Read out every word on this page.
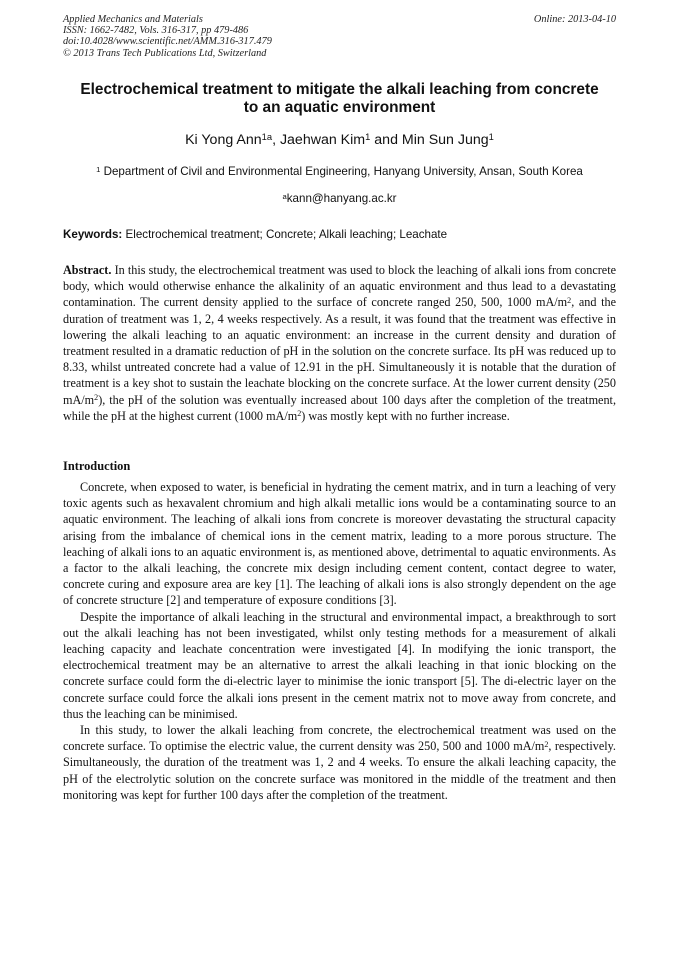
Applied Mechanics and Materials
ISSN: 1662-7482, Vols. 316-317, pp 479-486
doi:10.4028/www.scientific.net/AMM.316-317.479
© 2013 Trans Tech Publications Ltd, Switzerland
Online: 2013-04-10
Electrochemical treatment to mitigate the alkali leaching from concrete
to an aquatic environment
Ki Yong Ann$^{1a}$, Jaehwan Kim$^1$ and Min Sun Jung$^1$
$^1$ Department of Civil and Environmental Engineering, Hanyang University, Ansan, South Korea
$^a$kann@hanyang.ac.kr
Keywords: Electrochemical treatment; Concrete; Alkali leaching; Leachate
Abstract. In this study, the electrochemical treatment was used to block the leaching of alkali ions from concrete body, which would otherwise enhance the alkalinity of an aquatic environment and thus lead to a devastating contamination. The current density applied to the surface of concrete ranged 250, 500, 1000 $mA/m^2$, and the duration of treatment was 1, 2, 4 weeks respectively. As a result, it was found that the treatment was effective in lowering the alkali leaching to an aquatic environment: an increase in the current density and duration of treatment resulted in a dramatic reduction of pH in the solution on the concrete surface. Its pH was reduced up to 8.33, whilst untreated concrete had a value of 12.91 in the pH. Simultaneously it is notable that the duration of treatment is a key shot to sustain the leachate blocking on the concrete surface. At the lower current density (250 $mA/m^2$), the pH of the solution was eventually increased about 100 days after the completion of the treatment, while the pH at the highest current (1000 $mA/m^2$) was mostly kept with no further increase.
Introduction

Concrete, when exposed to water, is beneficial in hydrating the cement matrix, and in turn a leaching of very toxic agents such as hexavalent chromium and high alkali metallic ions would be a contaminating source to an aquatic environment. The leaching of alkali ions from concrete is moreover devastating the structural capacity arising from the imbalance of chemical ions in the cement matrix, leading to a more porous structure. The leaching of alkali ions to an aquatic environment is, as mentioned above, detrimental to aquatic environments. As a factor to the alkali leaching, the concrete mix design including cement content, contact degree to water, concrete curing and exposure area are key [1]. The leaching of alkali ions is also strongly dependent on the age of concrete structure [2] and temperature of exposure conditions [3].

Despite the importance of alkali leaching in the structural and environmental impact, a breakthrough to sort out the alkali leaching has not been investigated, whilst only testing methods for a measurement of alkali leaching capacity and leachate concentration were investigated [4]. In modifying the ionic transport, the electrochemical treatment may be an alternative to arrest the alkali leaching in that ionic blocking on the concrete surface could form the di-electric layer to minimise the ionic transport [5]. The di-electric layer on the concrete surface could force the alkali ions present in the cement matrix not to move away from concrete, and thus the leaching can be minimised.

In this study, to lower the alkali leaching from concrete, the electrochemical treatment was used on the concrete surface. To optimise the electric value, the current density was 250, 500 and 1000 $mA/m^2$, respectively. Simultaneously, the duration of the treatment was 1, 2 and 4 weeks. To ensure the alkali leaching capacity, the pH of the electrolytic solution on the concrete surface was monitored in the middle of the treatment and then monitoring was kept for further 100 days after the completion of the treatment.
